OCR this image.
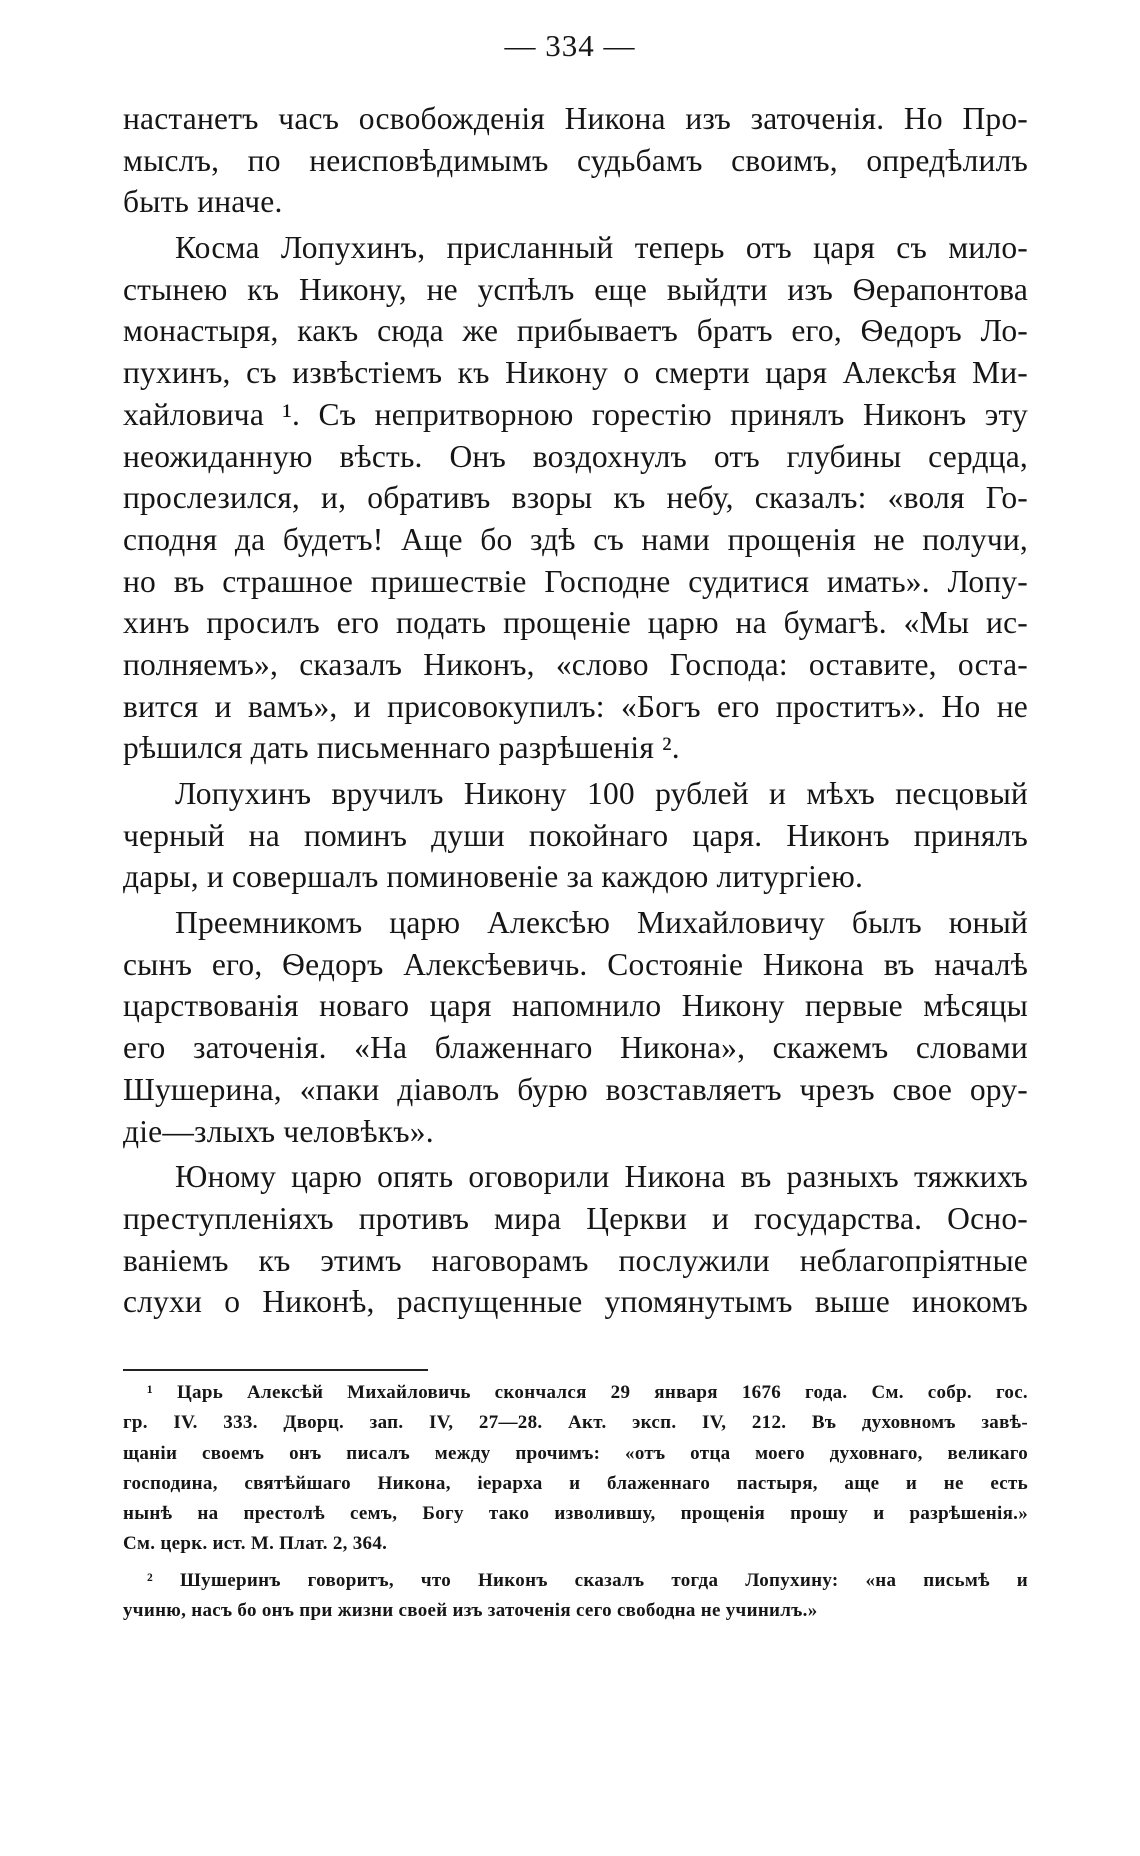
— 334 —
настанетъ часъ освобожденія Никона изъ заточенія. Но Про-
мыслъ, по неисповѣдимымъ судьбамъ своимъ, опредѣлилъ
быть иначе.
Косма Лопухинъ, присланный теперь отъ царя съ мило-
стынею къ Никону, не успѣлъ еще выйдти изъ Ѳерапонтова
монастыря, какъ сюда же прибываетъ братъ его, Ѳедоръ Ло-
пухинъ, съ извѣстіемъ къ Никону о смерти царя Алексѣя Ми-
хайловича ¹. Съ непритворною горестію принялъ Никонъ эту
неожиданную вѣсть. Онъ воздохнулъ отъ глубины сердца,
прослезился, и, обративъ взоры къ небу, сказалъ: «воля Го-
сподня да будетъ! Аще бо здѣ съ нами прощенія не получи,
но въ страшное пришествіе Господне судитися имать». Лопу-
хинъ просилъ его подать прощеніе царю на бумагѣ. «Мы ис-
полняемъ», сказалъ Никонъ, «слово Господа: оставите, оста-
вится и вамъ», и присовокупилъ: «Богъ его проститъ». Но не
рѣшился дать письменнаго разрѣшенія ².
Лопухинъ вручилъ Никону 100 рублей и мѣхъ песцовый
черный на поминъ души покойнаго царя. Никонъ принялъ
дары, и совершалъ поминовеніе за каждою литургіею.
Преемникомъ царю Алексѣю Михайловичу былъ юный
сынъ его, Ѳедоръ Алексѣевичь. Состояніе Никона въ началѣ
царствованія новаго царя напомнило Никону первые мѣсяцы
его заточенія. «На блаженнаго Никона», скажемъ словами
Шушерина, «паки діаволъ бурю возставляетъ чрезъ свое ору-
діе—злыхъ человѣкъ».
Юному царю опять оговорили Никона въ разныхъ тяжкихъ
преступленіяхъ противъ мира Церкви и государства. Осно-
ваніемъ къ этимъ наговорамъ послужили неблагопріятные
слухи о Никонѣ, распущенные упомянутымъ выше инокомъ
¹ Царь Алексѣй Михайловичь скончался 29 января 1676 года. См. собр. гос.
гр. IV. 333. Дворц. зап. IV, 27—28. Акт. эксп. IV, 212. Въ духовномъ завѣ-
щаніи своемъ онъ писалъ между прочимъ: «отъ отца моего духовнаго, великаго
господина, святѣйшаго Никона, іерарха и блаженнаго пастыря, аще и не есть
нынѣ на престолѣ семъ, Богу тако изволившу, прощенія прошу и разрѣшенія.»
См. церк. ист. М. Плат. 2, 364.
² Шушеринъ говоритъ, что Никонъ сказалъ тогда Лопухину: «на письмѣ и
учиню, насъ бо онъ при жизни своей изъ заточенія сего свободна не учинилъ.»
